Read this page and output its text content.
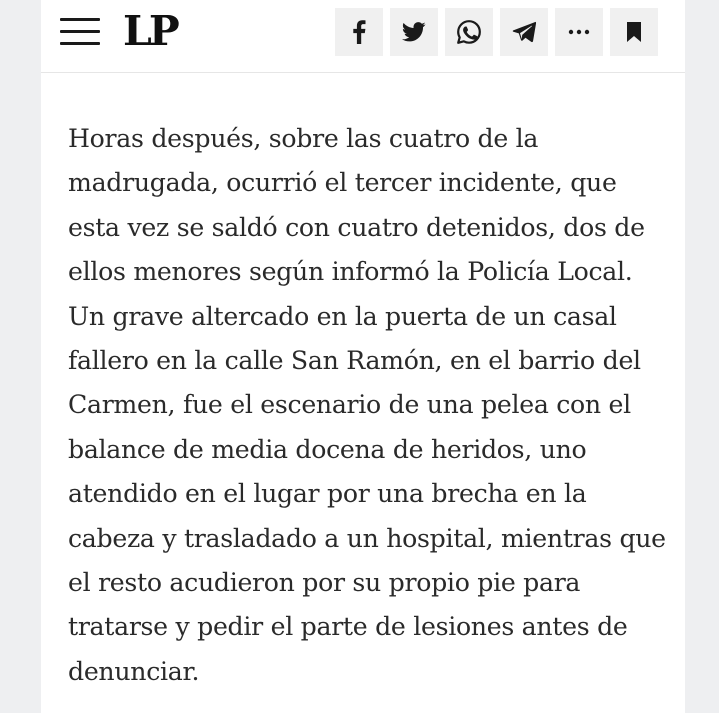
LP

Horas después, sobre las cuatro de la madrugada, ocurrió el tercer incidente, que esta vez se saldó con cuatro detenidos, dos de ellos menores según informó la Policía Local. Un grave altercado en la puerta de un casal fallero en la calle San Ramón, en el barrio del Carmen, fue el escenario de una pelea con el balance de media docena de heridos, uno atendido en el lugar por una brecha en la cabeza y trasladado a un hospital, mientras que el resto acudieron por su propio pie para tratarse y pedir el parte de lesiones antes de denunciar.
